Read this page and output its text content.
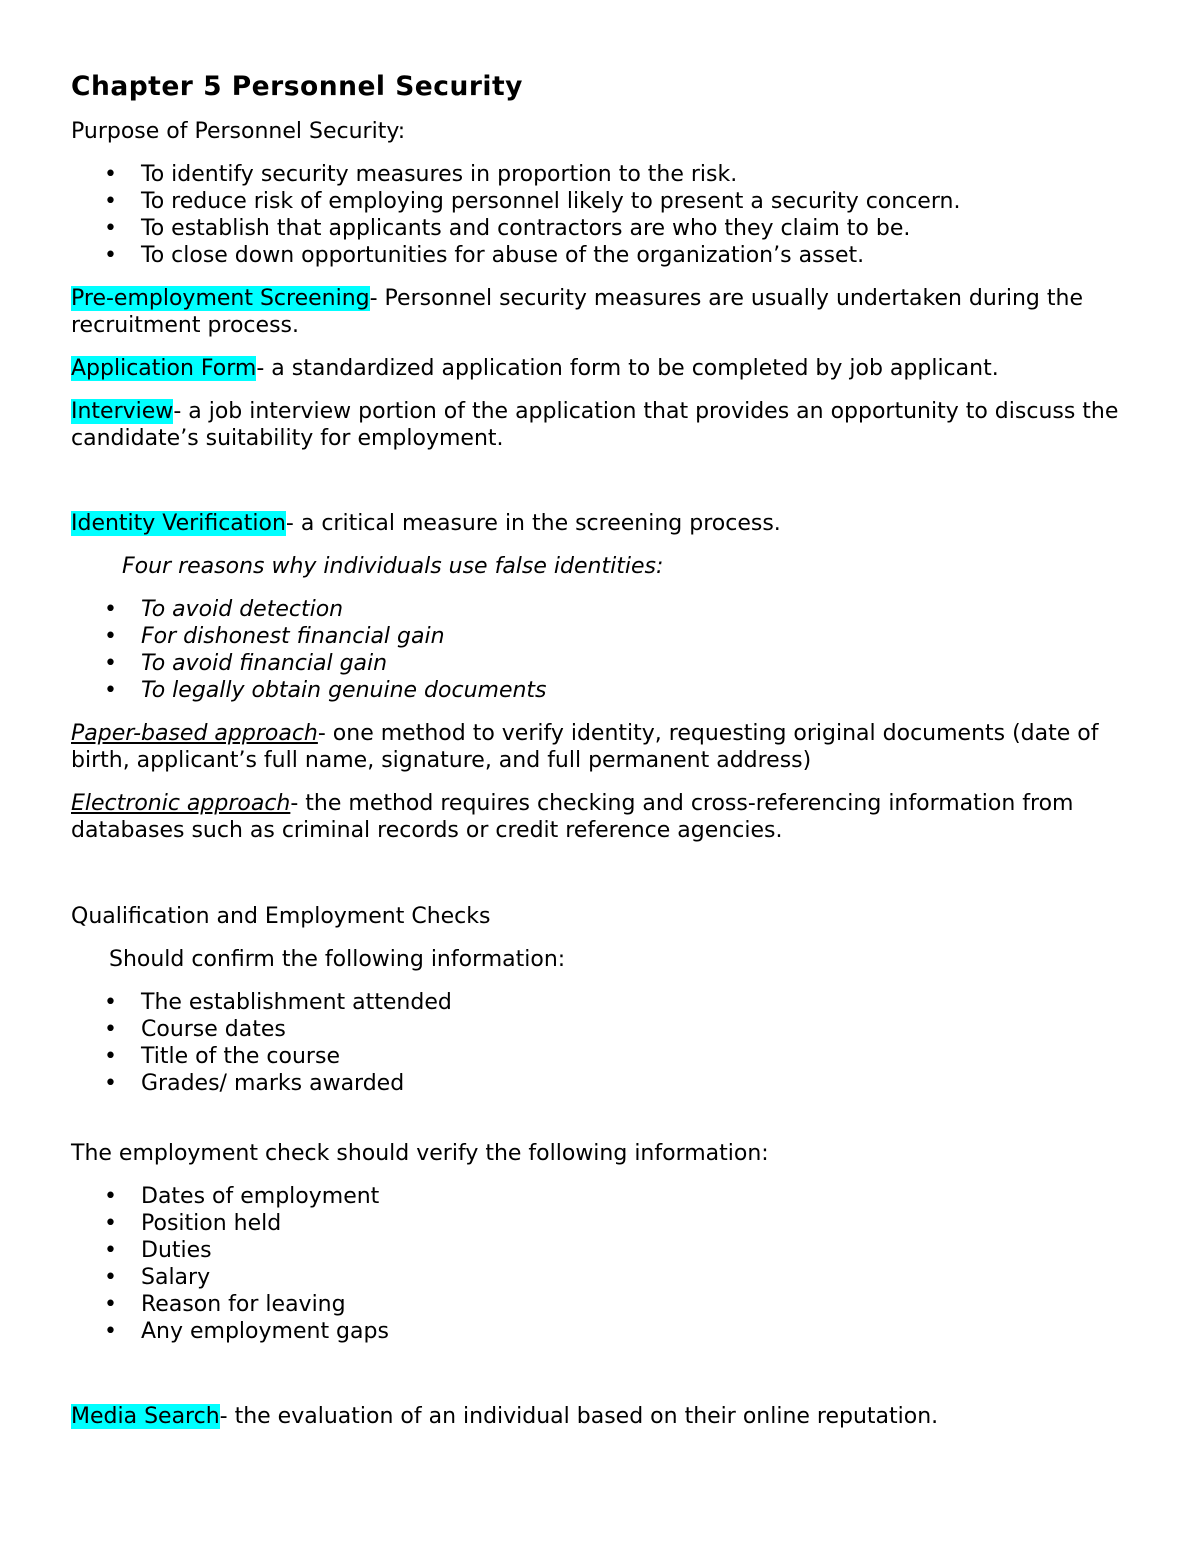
Chapter 5 Personnel Security

Purpose of Personnel Security:

• To identify security measures in proportion to the risk.
• To reduce risk of employing personnel likely to present a security concern.
• To establish that applicants and contractors are who they claim to be.
• To close down opportunities for abuse of the organization’s asset.

Pre-employment Screening- Personnel security measures are usually undertaken during the recruitment process.

Application Form- a standardized application form to be completed by job applicant.

Interview- a job interview portion of the application that provides an opportunity to discuss the candidate’s suitability for employment.

Identity Verification- a critical measure in the screening process.

Four reasons why individuals use false identities:

• To avoid detection
• For dishonest financial gain
• To avoid financial gain
• To legally obtain genuine documents

Paper-based approach- one method to verify identity, requesting original documents (date of birth, applicant’s full name, signature, and full permanent address)

Electronic approach- the method requires checking and cross-referencing information from databases such as criminal records or credit reference agencies.

Qualification and Employment Checks

Should confirm the following information:

• The establishment attended
• Course dates
• Title of the course
• Grades/ marks awarded

The employment check should verify the following information:

• Dates of employment
• Position held
• Duties
• Salary
• Reason for leaving
• Any employment gaps

Media Search- the evaluation of an individual based on their online reputation.
